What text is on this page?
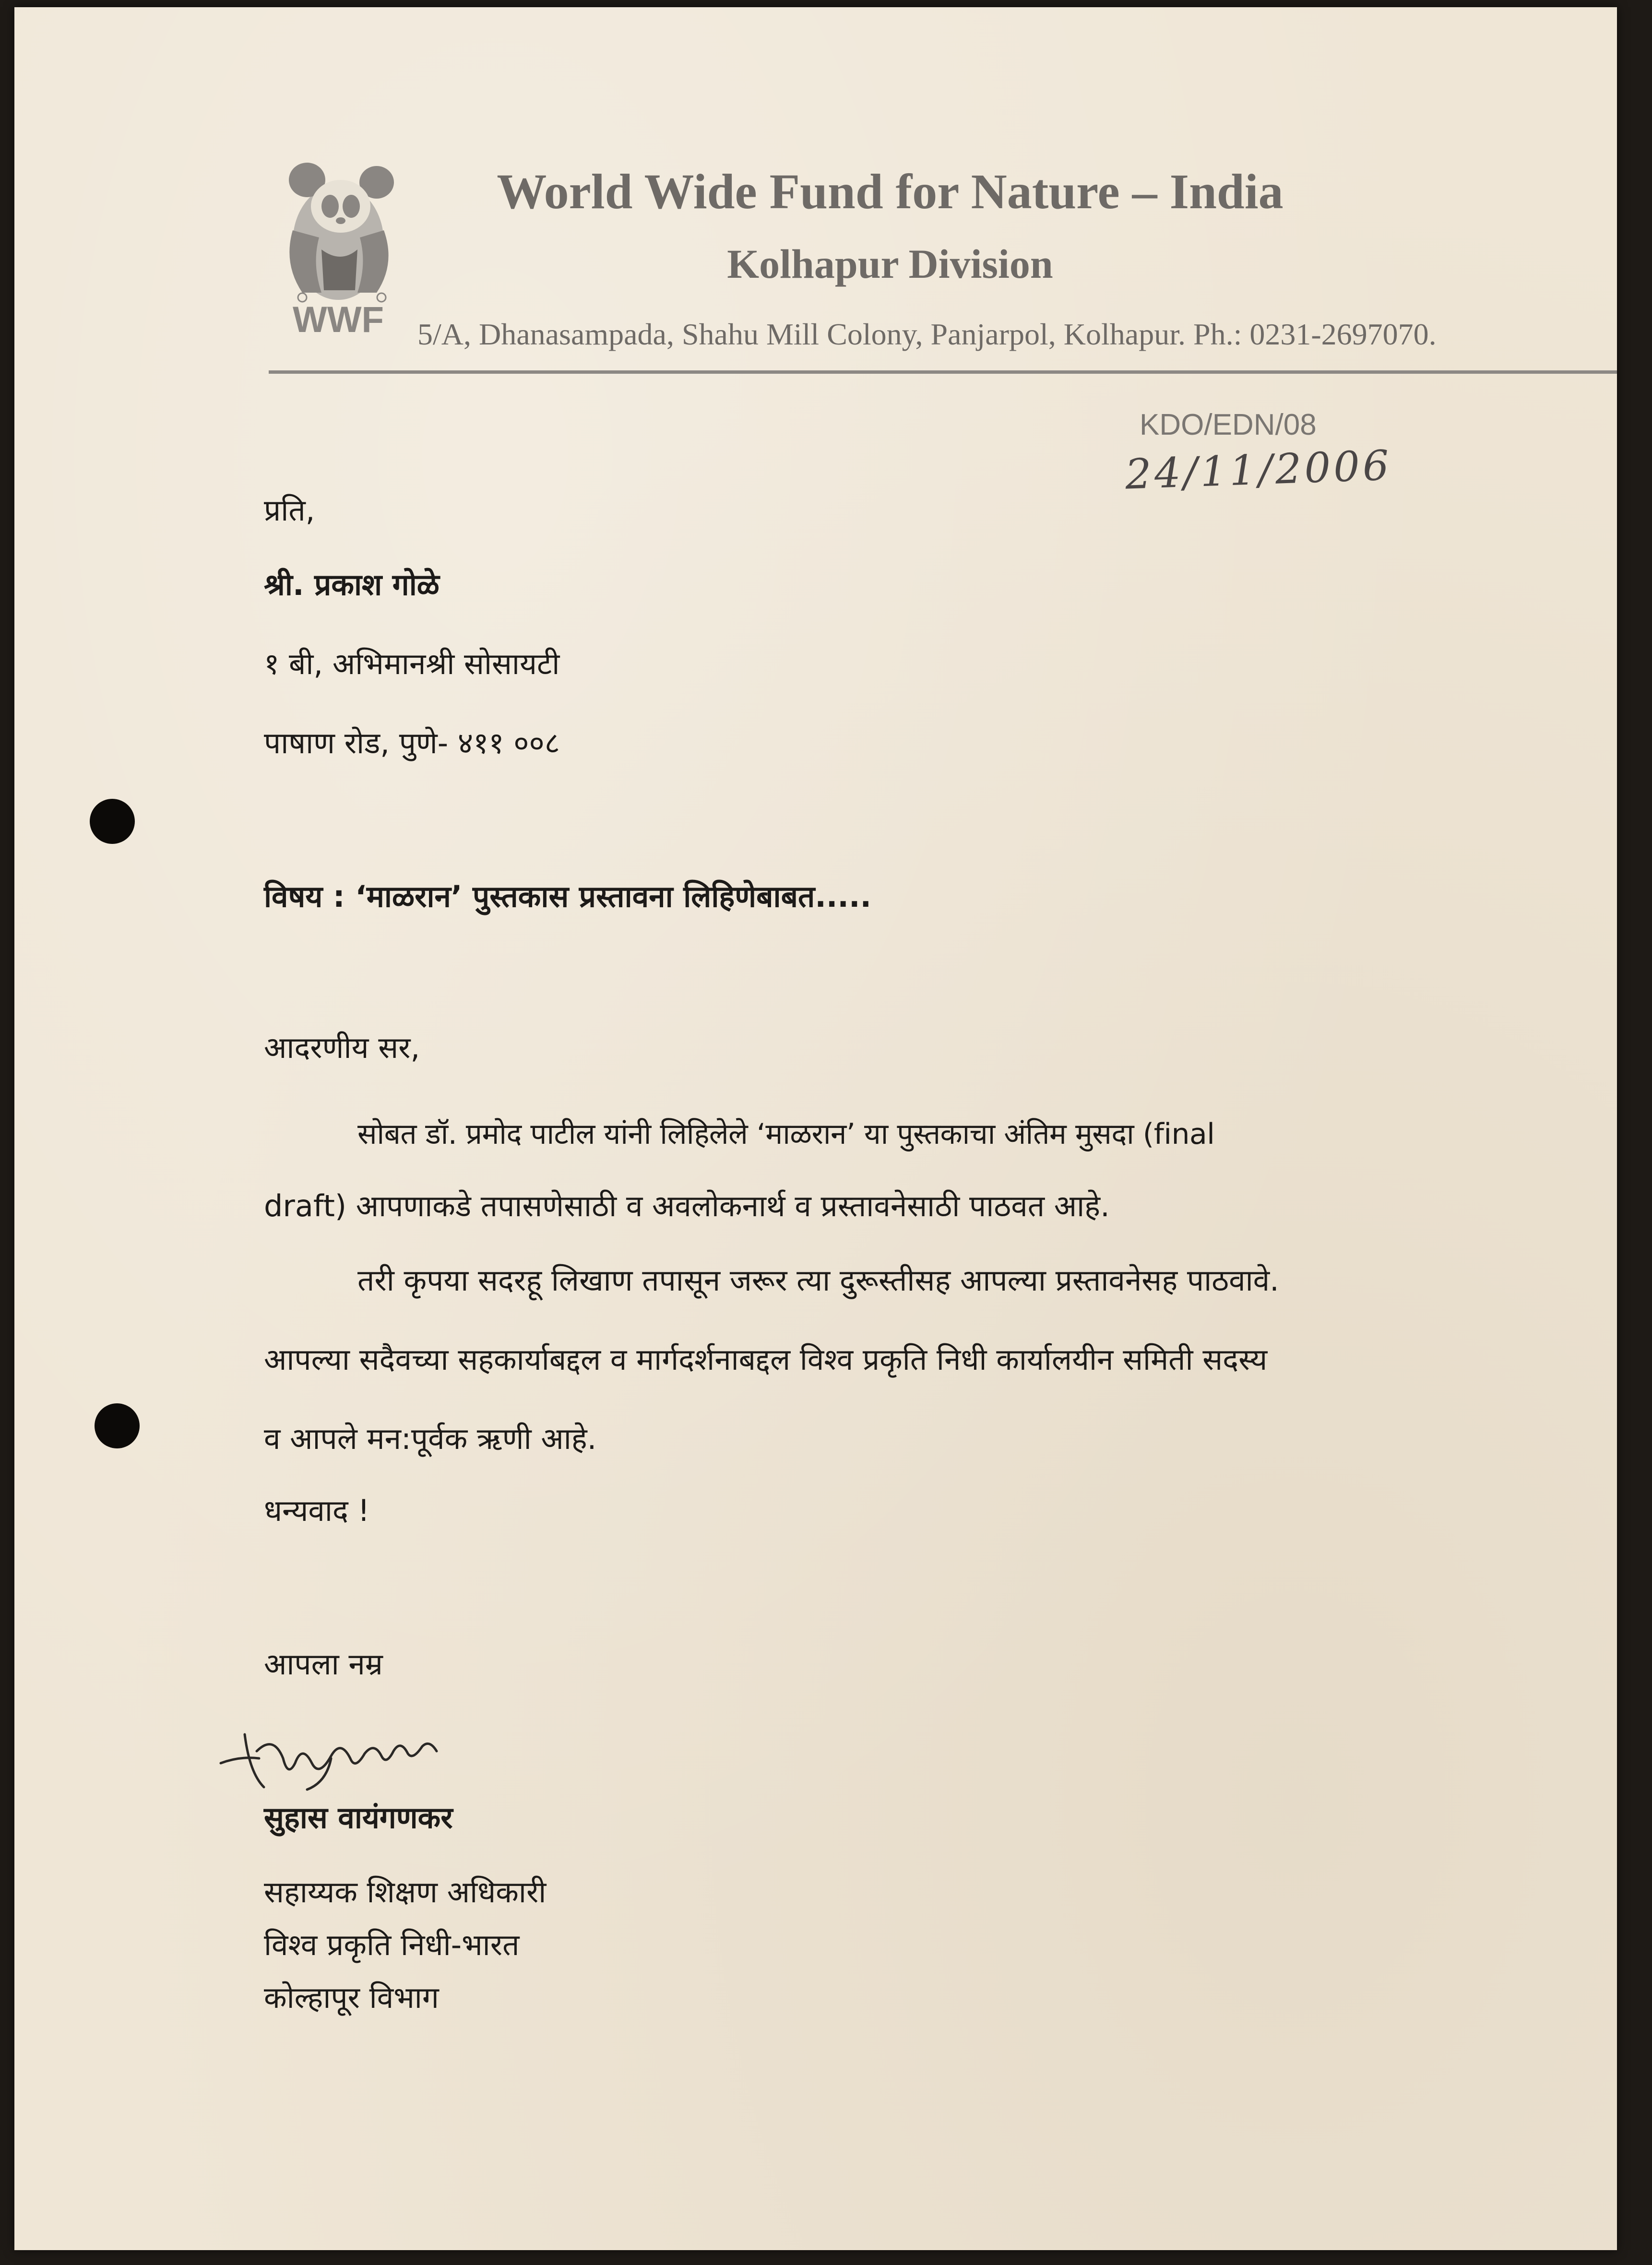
WWF
World Wide Fund for Nature – India
Kolhapur Division
5/A, Dhanasampada, Shahu Mill Colony, Panjarpol, Kolhapur. Ph.: 0231-2697070.
KDO/EDN/08
24/11/2006
प्रति,
श्री. प्रकाश गोळे
१ बी, अभिमानश्री सोसायटी
पाषाण रोड, पुणे- ४११ ००८
विषय : ‘माळरान’ पुस्तकास प्रस्तावना लिहिणेबाबत.....
आदरणीय सर,
सोबत डॉ. प्रमोद पाटील यांनी लिहिलेले ‘माळरान’ या पुस्तकाचा अंतिम मुसदा (final
draft) आपणाकडे तपासणेसाठी व अवलोकनार्थ व प्रस्तावनेसाठी पाठवत आहे.
तरी कृपया सदरहू लिखाण तपासून जरूर त्या दुरूस्तीसह आपल्या प्रस्तावनेसह पाठवावे.
आपल्या सदैवच्या सहकार्याबद्दल व मार्गदर्शनाबद्दल विश्व प्रकृति निधी कार्यालयीन समिती सदस्य
व आपले मन:पूर्वक ऋणी आहे.
धन्यवाद !
आपला नम्र
सुहास वायंगणकर
सहाय्यक शिक्षण अधिकारी
विश्व प्रकृति निधी-भारत
कोल्हापूर विभाग
